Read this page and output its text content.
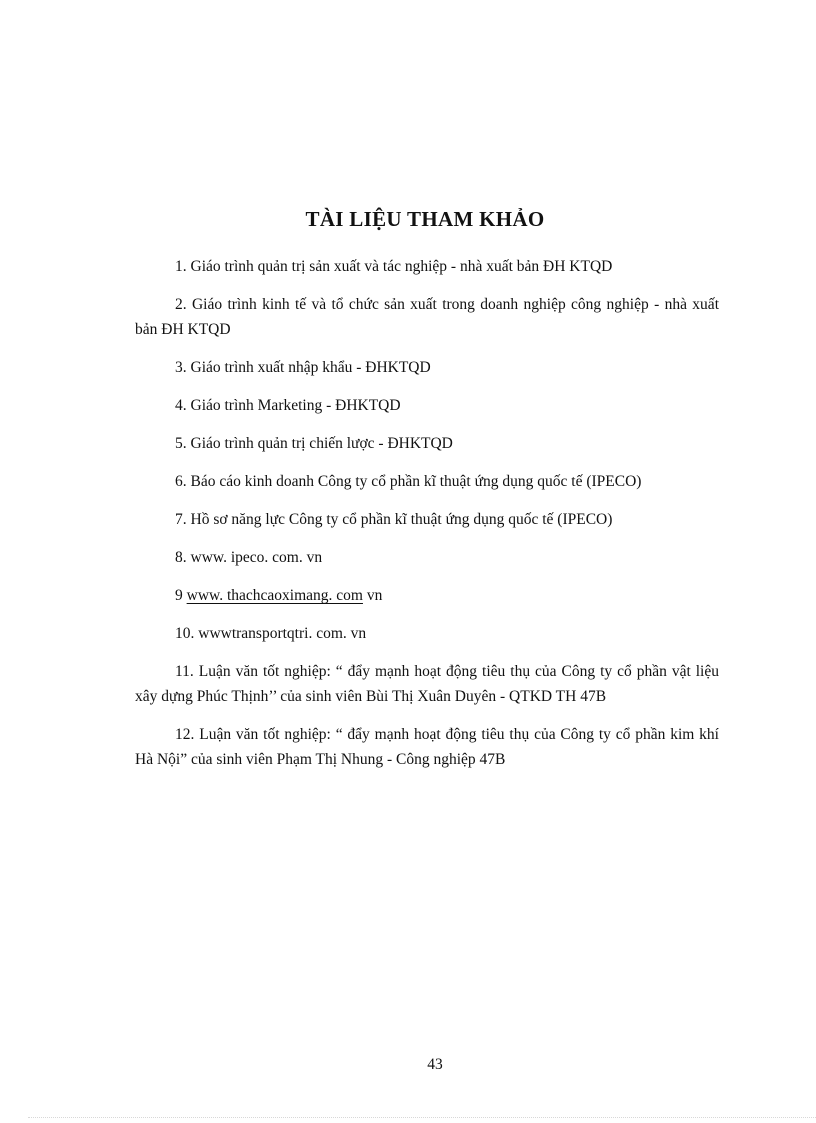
TÀI LIỆU THAM KHẢO

1. Giáo trình quản trị sản xuất và tác nghiệp - nhà xuất bản ĐH KTQD

2. Giáo trình kinh tế và tổ chức sản xuất trong doanh nghiệp công nghiệp - nhà xuất bản ĐH KTQD

3. Giáo trình xuất nhập khẩu - ĐHKTQD

4. Giáo trình Marketing - ĐHKTQD

5. Giáo trình quản trị chiến lược - ĐHKTQD

6. Báo cáo kinh doanh Công ty cổ phần kĩ thuật ứng dụng quốc tế (IPECO)

7. Hồ sơ năng lực Công ty cổ phần kĩ thuật ứng dụng quốc tế (IPECO)

8. www. ipeco. com. vn

9 www. thachcaoximang. com vn

10. wwwtransportqtri. com. vn

11. Luận văn tốt nghiệp: “ đẩy mạnh hoạt động tiêu thụ của Công ty cổ phần vật liệu xây dựng Phúc Thịnh’’ của sinh viên Bùi Thị Xuân Duyên - QTKD TH 47B

12. Luận văn tốt nghiệp: “ đẩy mạnh hoạt động tiêu thụ của Công ty cổ phần kim khí Hà Nội” của sinh viên Phạm Thị Nhung - Công nghiệp 47B

43
